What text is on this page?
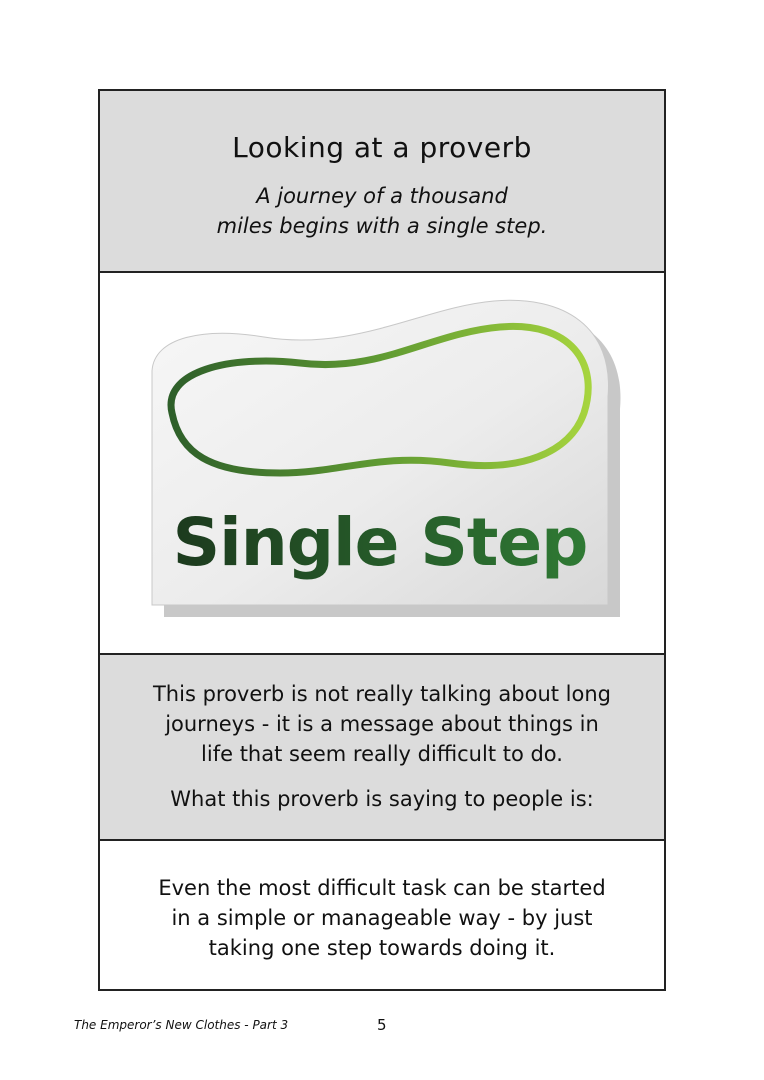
Looking at a proverb
A journey of a thousand
miles begins with a single step.
Single Step
This proverb is not really talking about long
journeys - it is a message about things in
life that seem really difficult to do.
What this proverb is saying to people is:
Even the most difficult task can be started
in a simple or manageable way - by just
taking one step towards doing it.
The Emperor’s New Clothes - Part 3	5
